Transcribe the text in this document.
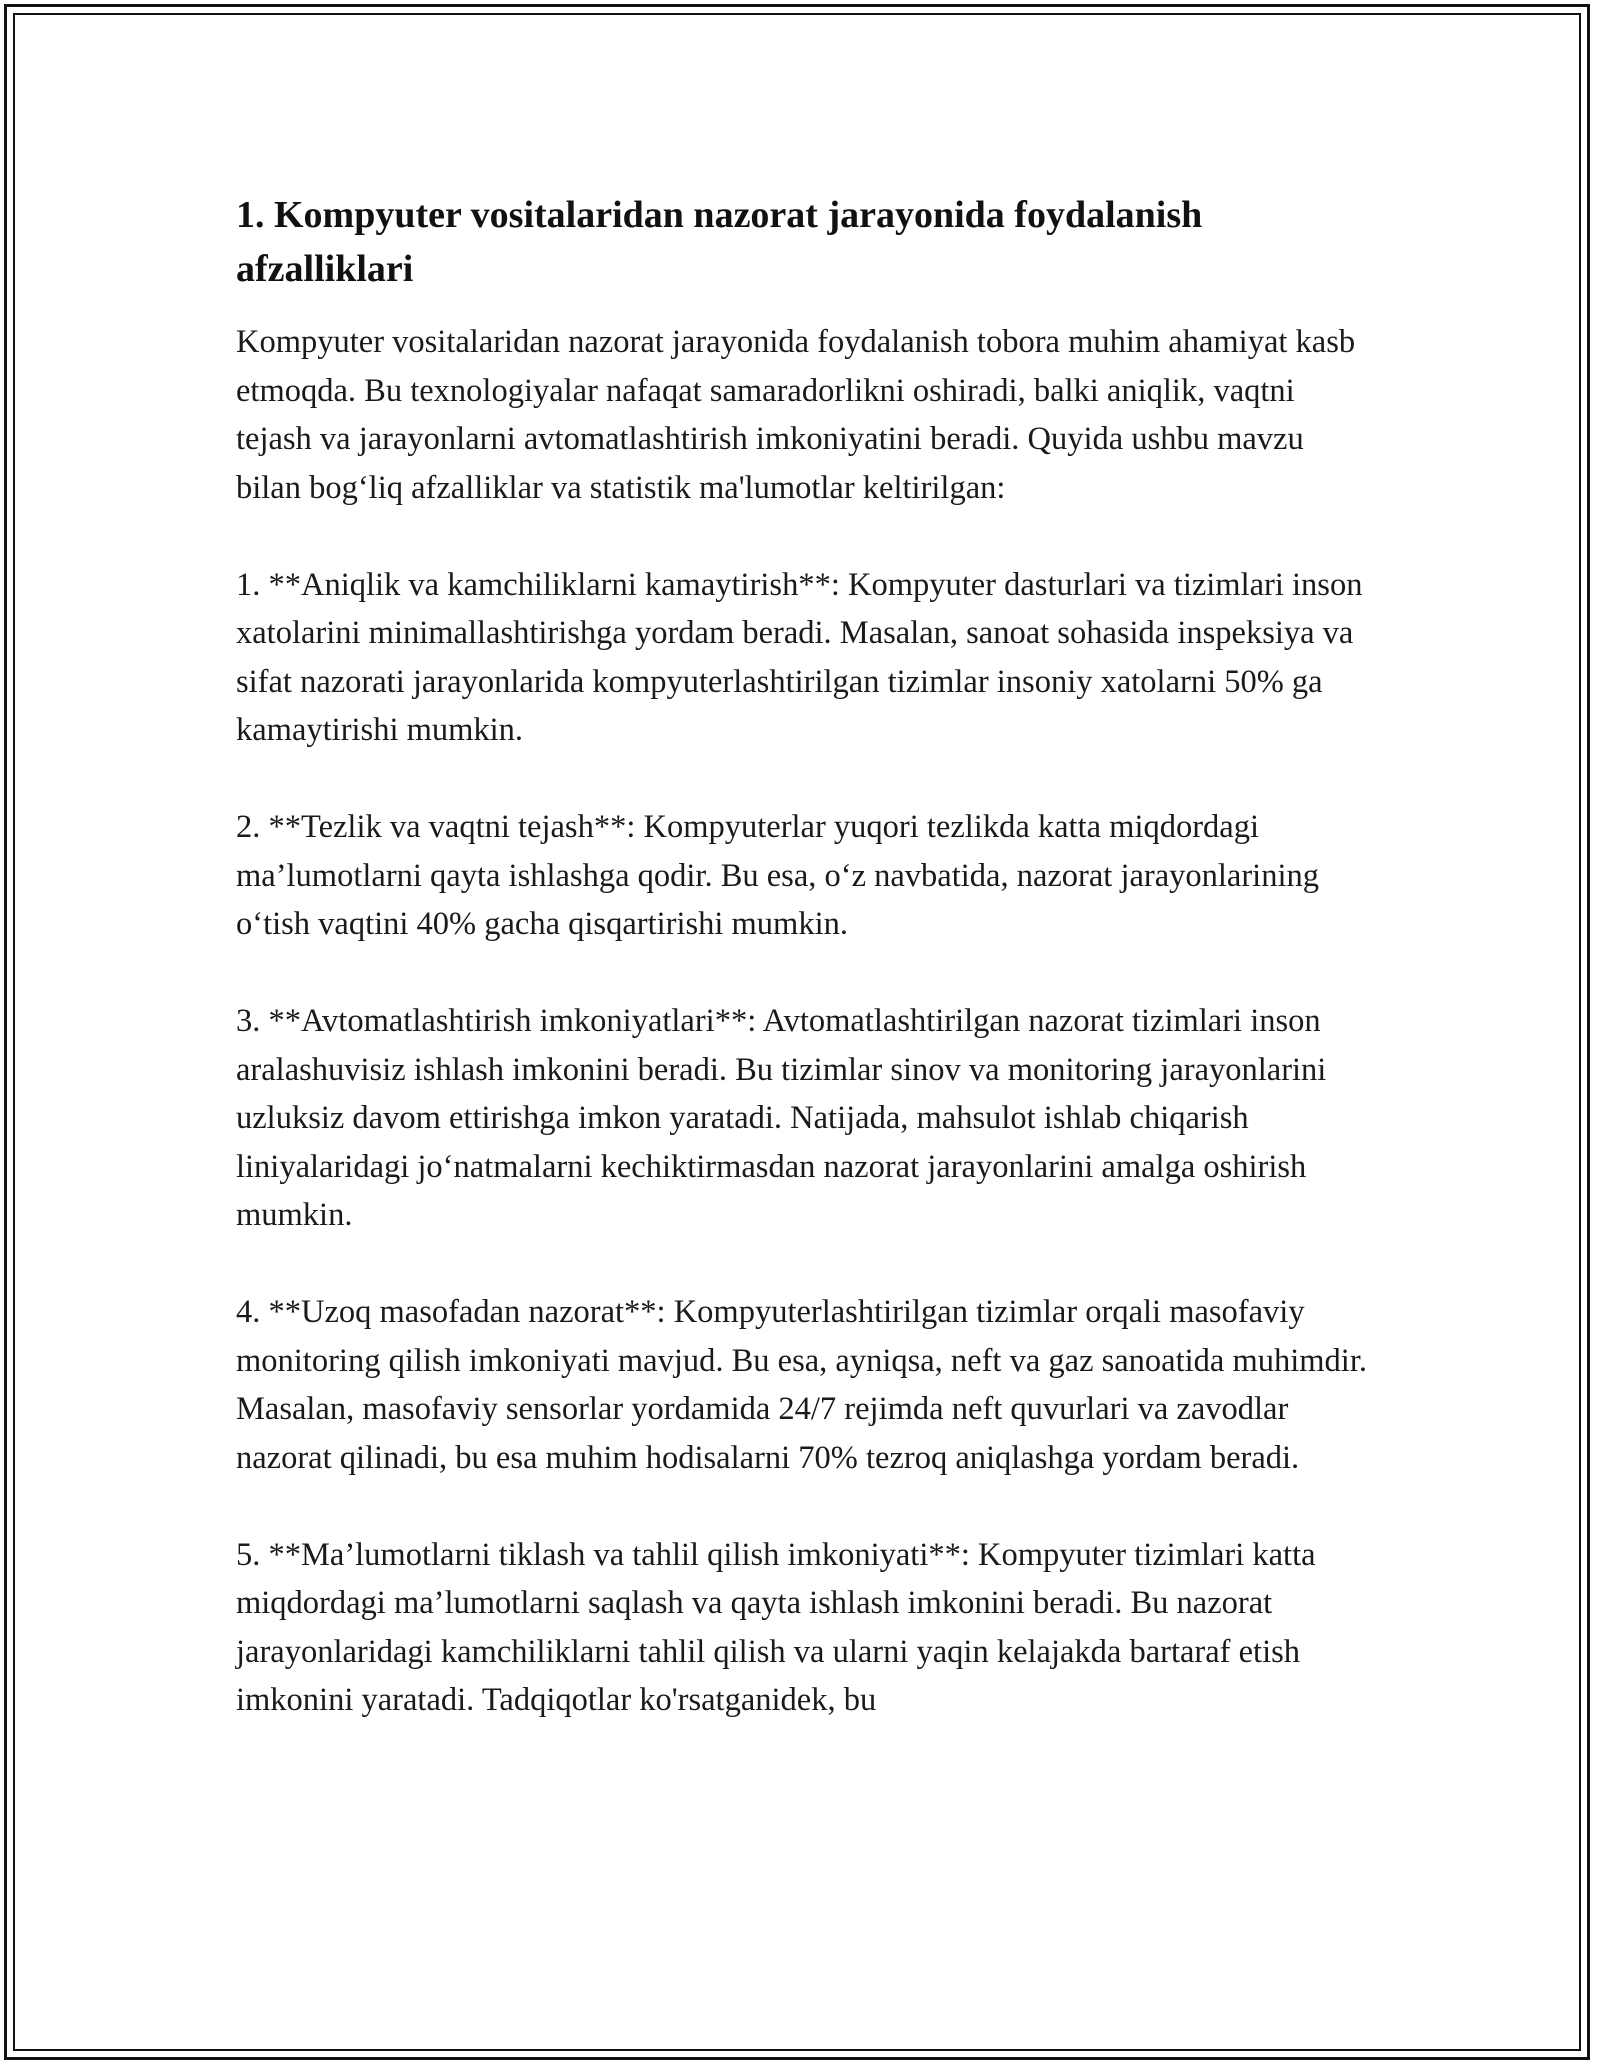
1. Kompyuter vositalaridan nazorat jarayonida foydalanish afzalliklari

Kompyuter vositalaridan nazorat jarayonida foydalanish tobora muhim ahamiyat kasb etmoqda. Bu texnologiyalar nafaqat samaradorlikni oshiradi, balki aniqlik, vaqtni tejash va jarayonlarni avtomatlashtirish imkoniyatini beradi. Quyida ushbu mavzu bilan bog‘liq afzalliklar va statistik ma'lumotlar keltirilgan:

1. **Aniqlik va kamchiliklarni kamaytirish**: Kompyuter dasturlari va tizimlari inson xatolarini minimallashtirishga yordam beradi. Masalan, sanoat sohasida inspeksiya va sifat nazorati jarayonlarida kompyuterlashtirilgan tizimlar insoniy xatolarni 50% ga kamaytirishi mumkin.

2. **Tezlik va vaqtni tejash**: Kompyuterlar yuqori tezlikda katta miqdordagi ma’lumotlarni qayta ishlashga qodir. Bu esa, o‘z navbatida, nazorat jarayonlarining o‘tish vaqtini 40% gacha qisqartirishi mumkin.

3. **Avtomatlashtirish imkoniyatlari**: Avtomatlashtirilgan nazorat tizimlari inson aralashuvisiz ishlash imkonini beradi. Bu tizimlar sinov va monitoring jarayonlarini uzluksiz davom ettirishga imkon yaratadi. Natijada, mahsulot ishlab chiqarish liniyalaridagi jo‘natmalarni kechiktirmasdan nazorat jarayonlarini amalga oshirish mumkin.

4. **Uzoq masofadan nazorat**: Kompyuterlashtirilgan tizimlar orqali masofaviy monitoring qilish imkoniyati mavjud. Bu esa, ayniqsa, neft va gaz sanoatida muhimdir. Masalan, masofaviy sensorlar yordamida 24/7 rejimda neft quvurlari va zavodlar nazorat qilinadi, bu esa muhim hodisalarni 70% tezroq aniqlashga yordam beradi.

5. **Ma’lumotlarni tiklash va tahlil qilish imkoniyati**: Kompyuter tizimlari katta miqdordagi ma’lumotlarni saqlash va qayta ishlash imkonini beradi. Bu nazorat jarayonlaridagi kamchiliklarni tahlil qilish va ularni yaqin kelajakda bartaraf etish imkonini yaratadi. Tadqiqotlar ko'rsatganidek, bu
